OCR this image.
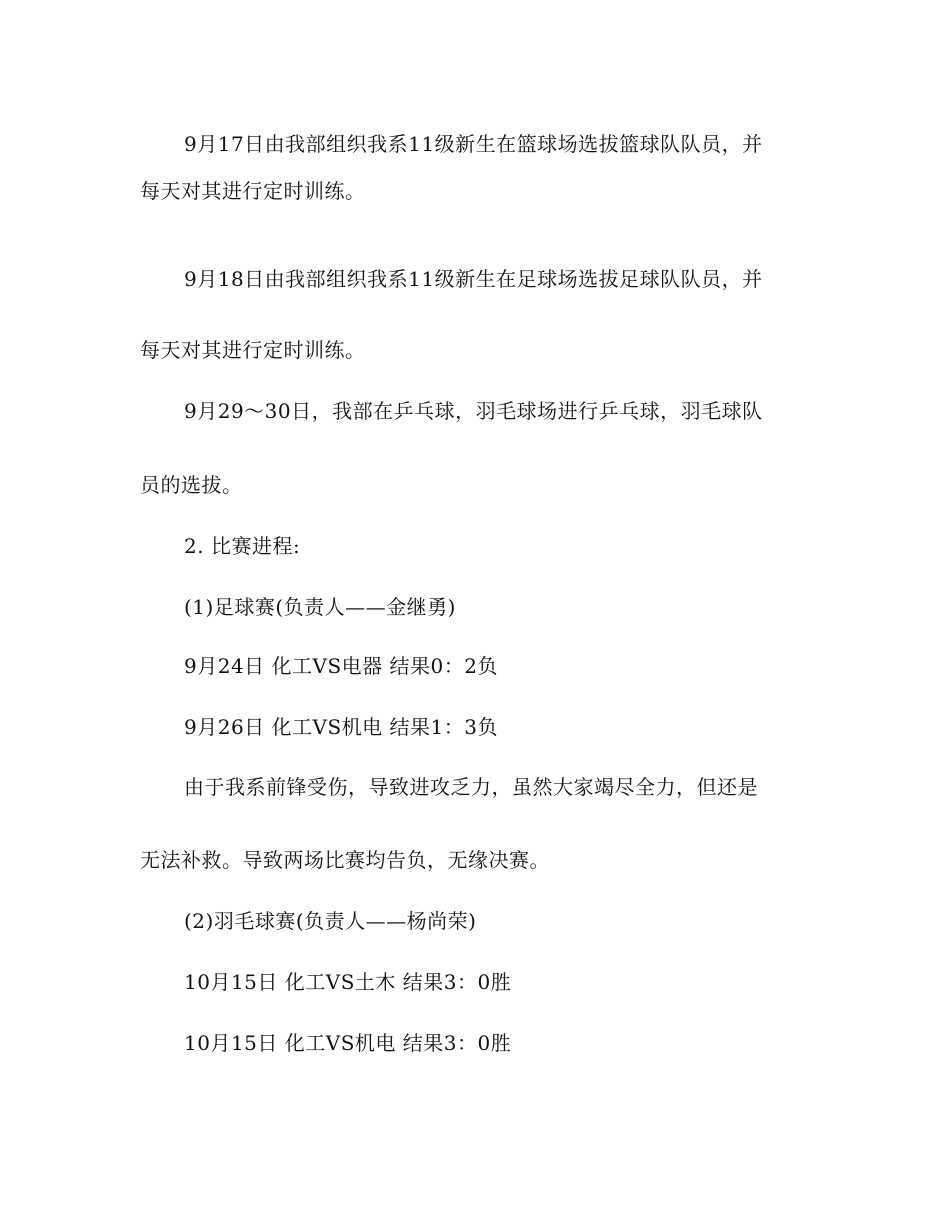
9月17日由我部组织我系11级新生在篮球场选拔篮球队队员，并
每天对其进行定时训练。
9月18日由我部组织我系11级新生在足球场选拔足球队队员，并
每天对其进行定时训练。
9月29～30日，我部在乒乓球，羽毛球场进行乒乓球，羽毛球队
员的选拔。
2. 比赛进程:
(1)足球赛(负责人——金继勇)
9月24日 化工VS电器 结果0：2负
9月26日 化工VS机电 结果1：3负
由于我系前锋受伤，导致进攻乏力，虽然大家竭尽全力，但还是
无法补救。导致两场比赛均告负，无缘决赛。
(2)羽毛球赛(负责人——杨尚荣)
10月15日 化工VS土木 结果3：0胜
10月15日 化工VS机电 结果3：0胜
